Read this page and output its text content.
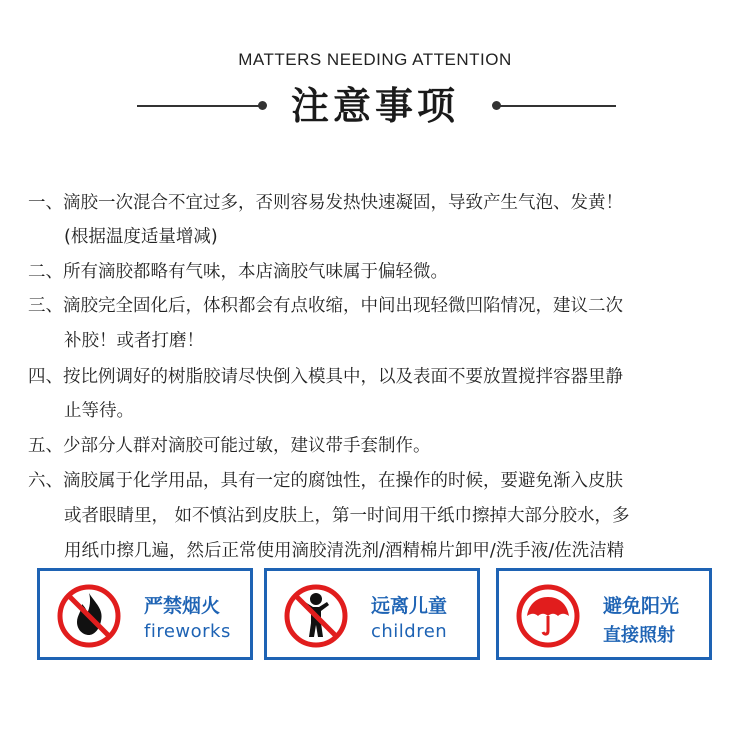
MATTERS NEEDING ATTENTION
注意事项
一、滴胶一次混合不宜过多，否则容易发热快速凝固，导致产生气泡、发黄！
(根据温度适量增减)
二、所有滴胶都略有气味，本店滴胶气味属于偏轻微。
三、滴胶完全固化后，体积都会有点收缩，中间出现轻微凹陷情况，建议二次
补胶！或者打磨！
四、按比例调好的树脂胶请尽快倒入模具中，以及表面不要放置搅拌容器里静
止等待。
五、少部分人群对滴胶可能过敏，建议带手套制作。
六、滴胶属于化学用品，具有一定的腐蚀性，在操作的时候，要避免渐入皮肤
或者眼睛里， 如不慎沾到皮肤上，第一时间用干纸巾擦掉大部分胶水，多
用纸巾擦几遍，然后正常使用滴胶清洗剂/酒精棉片卸甲/洗手液/佐洗洁精
严禁烟火
fireworks
远离儿童
children
避免阳光
直接照射
